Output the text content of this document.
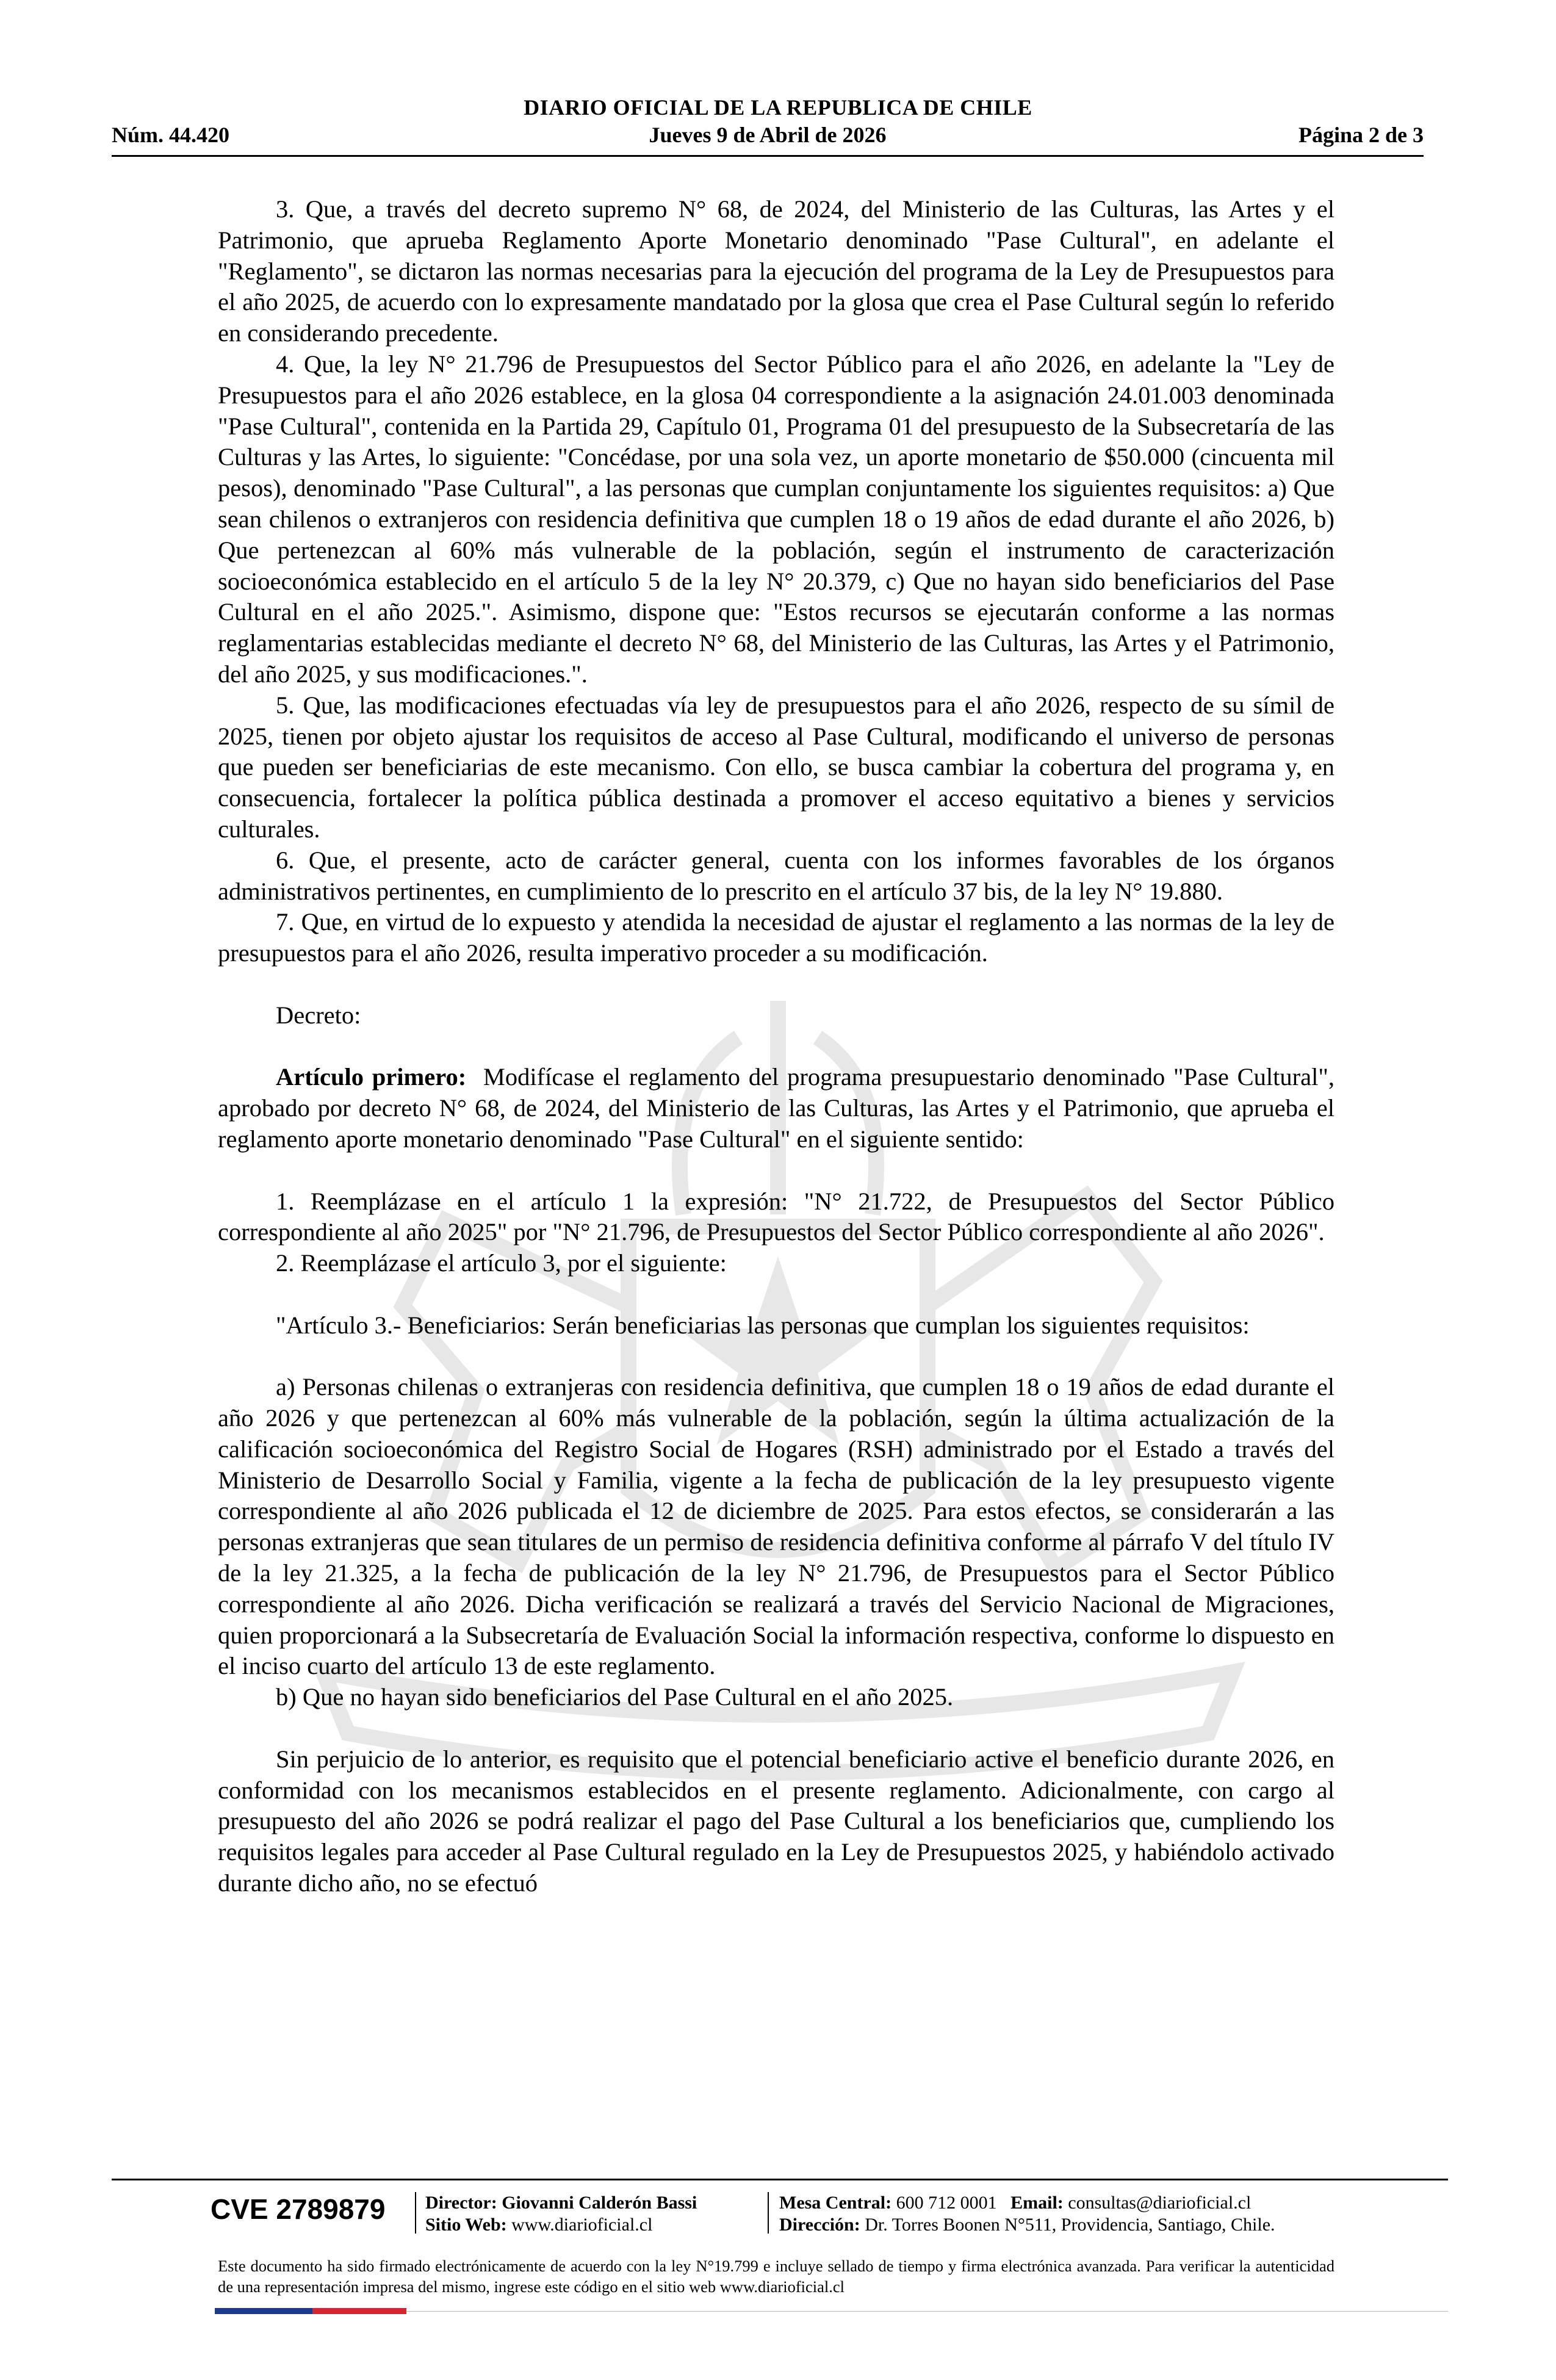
DIARIO OFICIAL DE LA REPUBLICA DE CHILE
Jueves 9 de Abril de 2026
Núm. 44.420	Página 2 de 3

3. Que, a través del decreto supremo N° 68, de 2024, del Ministerio de las Culturas, las Artes y el Patrimonio, que aprueba Reglamento Aporte Monetario denominado "Pase Cultural", en adelante el "Reglamento", se dictaron las normas necesarias para la ejecución del programa de la Ley de Presupuestos para el año 2025, de acuerdo con lo expresamente mandatado por la glosa que crea el Pase Cultural según lo referido en considerando precedente.

4. Que, la ley N° 21.796 de Presupuestos del Sector Público para el año 2026, en adelante la "Ley de Presupuestos para el año 2026 establece, en la glosa 04 correspondiente a la asignación 24.01.003 denominada "Pase Cultural", contenida en la Partida 29, Capítulo 01, Programa 01 del presupuesto de la Subsecretaría de las Culturas y las Artes, lo siguiente: "Concédase, por una sola vez, un aporte monetario de $50.000 (cincuenta mil pesos), denominado "Pase Cultural", a las personas que cumplan conjuntamente los siguientes requisitos: a) Que sean chilenos o extranjeros con residencia definitiva que cumplen 18 o 19 años de edad durante el año 2026, b) Que pertenezcan al 60% más vulnerable de la población, según el instrumento de caracterización socioeconómica establecido en el artículo 5 de la ley N° 20.379, c) Que no hayan sido beneficiarios del Pase Cultural en el año 2025.". Asimismo, dispone que: "Estos recursos se ejecutarán conforme a las normas reglamentarias establecidas mediante el decreto N° 68, del Ministerio de las Culturas, las Artes y el Patrimonio, del año 2025, y sus modificaciones.".

5. Que, las modificaciones efectuadas vía ley de presupuestos para el año 2026, respecto de su símil de 2025, tienen por objeto ajustar los requisitos de acceso al Pase Cultural, modificando el universo de personas que pueden ser beneficiarias de este mecanismo. Con ello, se busca cambiar la cobertura del programa y, en consecuencia, fortalecer la política pública destinada a promover el acceso equitativo a bienes y servicios culturales.

6. Que, el presente, acto de carácter general, cuenta con los informes favorables de los órganos administrativos pertinentes, en cumplimiento de lo prescrito en el artículo 37 bis, de la ley N° 19.880.

7. Que, en virtud de lo expuesto y atendida la necesidad de ajustar el reglamento a las normas de la ley de presupuestos para el año 2026, resulta imperativo proceder a su modificación.

Decreto:

Artículo primero: Modifícase el reglamento del programa presupuestario denominado "Pase Cultural", aprobado por decreto N° 68, de 2024, del Ministerio de las Culturas, las Artes y el Patrimonio, que aprueba el reglamento aporte monetario denominado "Pase Cultural" en el siguiente sentido:

1. Reemplázase en el artículo 1 la expresión: "N° 21.722, de Presupuestos del Sector Público correspondiente al año 2025" por "N° 21.796, de Presupuestos del Sector Público correspondiente al año 2026".

2. Reemplázase el artículo 3, por el siguiente:

"Artículo 3.- Beneficiarios: Serán beneficiarias las personas que cumplan los siguientes requisitos:

a) Personas chilenas o extranjeras con residencia definitiva, que cumplen 18 o 19 años de edad durante el año 2026 y que pertenezcan al 60% más vulnerable de la población, según la última actualización de la calificación socioeconómica del Registro Social de Hogares (RSH) administrado por el Estado a través del Ministerio de Desarrollo Social y Familia, vigente a la fecha de publicación de la ley presupuesto vigente correspondiente al año 2026 publicada el 12 de diciembre de 2025. Para estos efectos, se considerarán a las personas extranjeras que sean titulares de un permiso de residencia definitiva conforme al párrafo V del título IV de la ley 21.325, a la fecha de publicación de la ley N° 21.796, de Presupuestos para el Sector Público correspondiente al año 2026. Dicha verificación se realizará a través del Servicio Nacional de Migraciones, quien proporcionará a la Subsecretaría de Evaluación Social la información respectiva, conforme lo dispuesto en el inciso cuarto del artículo 13 de este reglamento.

b) Que no hayan sido beneficiarios del Pase Cultural en el año 2025.

Sin perjuicio de lo anterior, es requisito que el potencial beneficiario active el beneficio durante 2026, en conformidad con los mecanismos establecidos en el presente reglamento. Adicionalmente, con cargo al presupuesto del año 2026 se podrá realizar el pago del Pase Cultural a los beneficiarios que, cumpliendo los requisitos legales para acceder al Pase Cultural regulado en la Ley de Presupuestos 2025, y habiéndolo activado durante dicho año, no se efectuó

CVE 2789879 Director: Giovanni Calderón Bassi
Sitio Web: www.diarioficial.cl
Mesa Central: 600 712 0001 Email: consultas@diarioficial.cl
Dirección: Dr. Torres Boonen N°511, Providencia, Santiago, Chile.
Este documento ha sido firmado electrónicamente de acuerdo con la ley N°19.799 e incluye sellado de tiempo y firma electrónica avanzada. Para verificar la autenticidad de una representación impresa del mismo, ingrese este código en el sitio web www.diarioficial.cl
